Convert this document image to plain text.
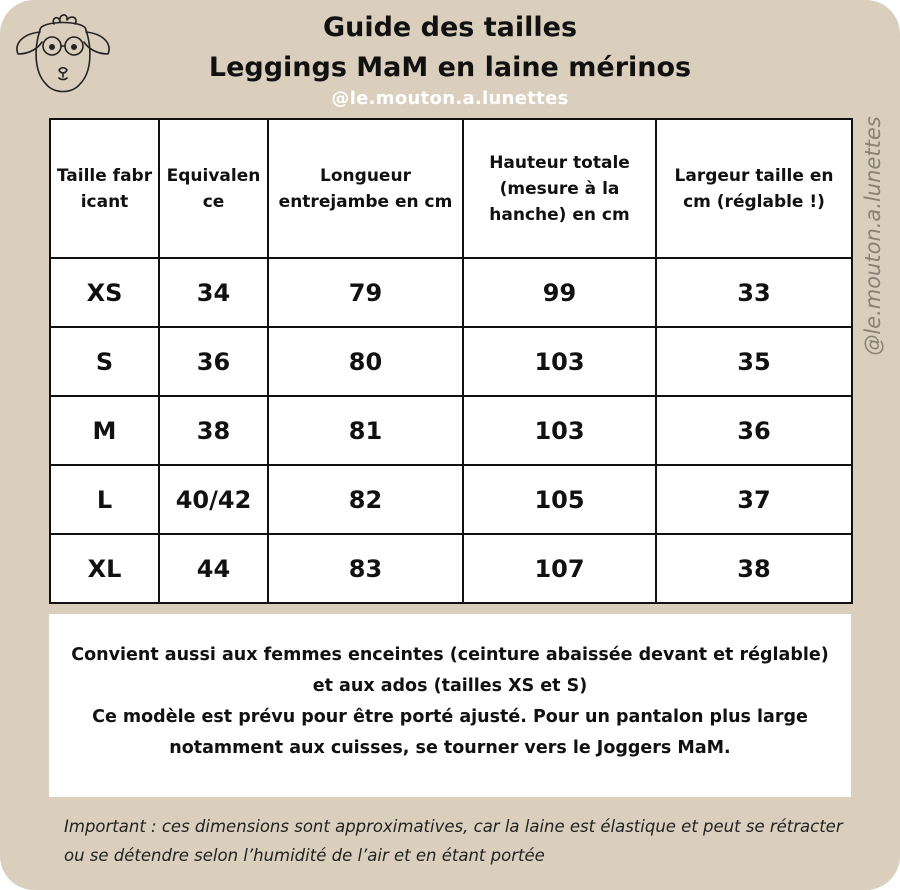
Guide des tailles
Leggings MaM en laine mérinos
@le.mouton.a.lunettes
@le.mouton.a.lunettes
Taille fabricant	Equivalence	Longueur entrejambe en cm	Hauteur totale (mesure à la hanche) en cm	Largeur taille en cm (réglable !)
XS	34	79	99	33
S	36	80	103	35
M	38	81	103	36
L	40/42	82	105	37
XL	44	83	107	38

Convient aussi aux femmes enceintes (ceinture abaissée devant et réglable) et aux ados (tailles XS et S)

Ce modèle est prévu pour être porté ajusté. Pour un pantalon plus large notamment aux cuisses, se tourner vers le Joggers MaM.

Important : ces dimensions sont approximatives, car la laine est élastique et peut se rétracter ou se détendre selon l’humidité de l’air et en étant portée
